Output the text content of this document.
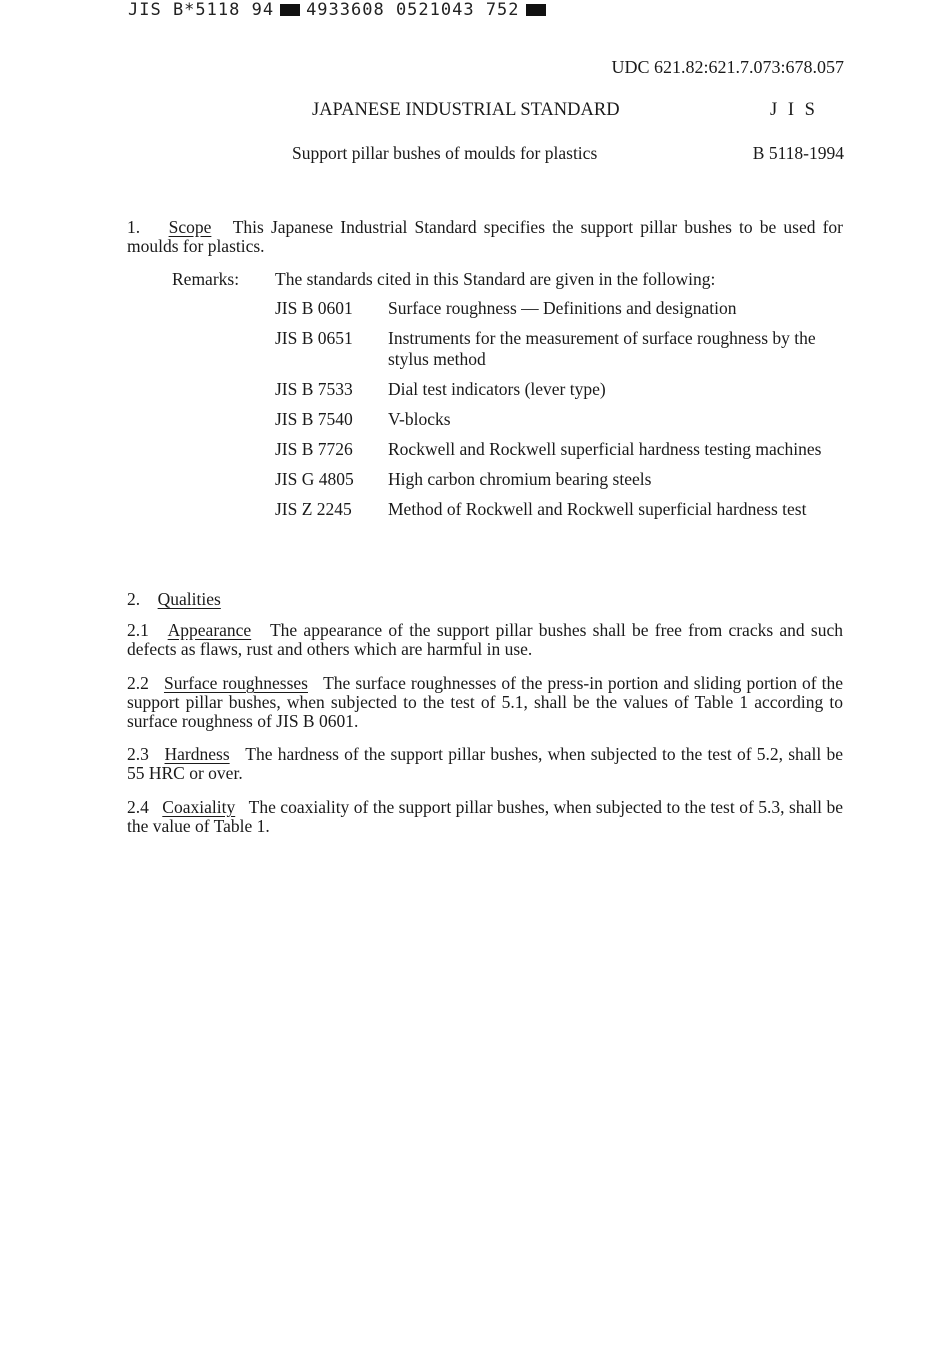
JIS B*5118 94 4933608 0521043 752
UDC 621.82:621.7.073:678.057
JAPANESE INDUSTRIAL STANDARD	J I S
Support pillar bushes of moulds for plastics	B 5118-1994
1. Scope This Japanese Industrial Standard specifies the support pillar bushes to be used for moulds for plastics.
Remarks: The standards cited in this Standard are given in the following:
JIS B 0601	Surface roughness — Definitions and designation
JIS B 0651	Instruments for the measurement of surface roughness by the stylus method
JIS B 7533	Dial test indicators (lever type)
JIS B 7540	V-blocks
JIS B 7726	Rockwell and Rockwell superficial hardness testing machines
JIS G 4805	High carbon chromium bearing steels
JIS Z 2245	Method of Rockwell and Rockwell superficial hardness test
2. Qualities
2.1 Appearance The appearance of the support pillar bushes shall be free from cracks and such defects as flaws, rust and others which are harmful in use.
2.2 Surface roughnesses The surface roughnesses of the press-in portion and sliding portion of the support pillar bushes, when subjected to the test of 5.1, shall be the values of Table 1 according to surface roughness of JIS B 0601.
2.3 Hardness The hardness of the support pillar bushes, when subjected to the test of 5.2, shall be 55 HRC or over.
2.4 Coaxiality The coaxiality of the support pillar bushes, when subjected to the test of 5.3, shall be the value of Table 1.
